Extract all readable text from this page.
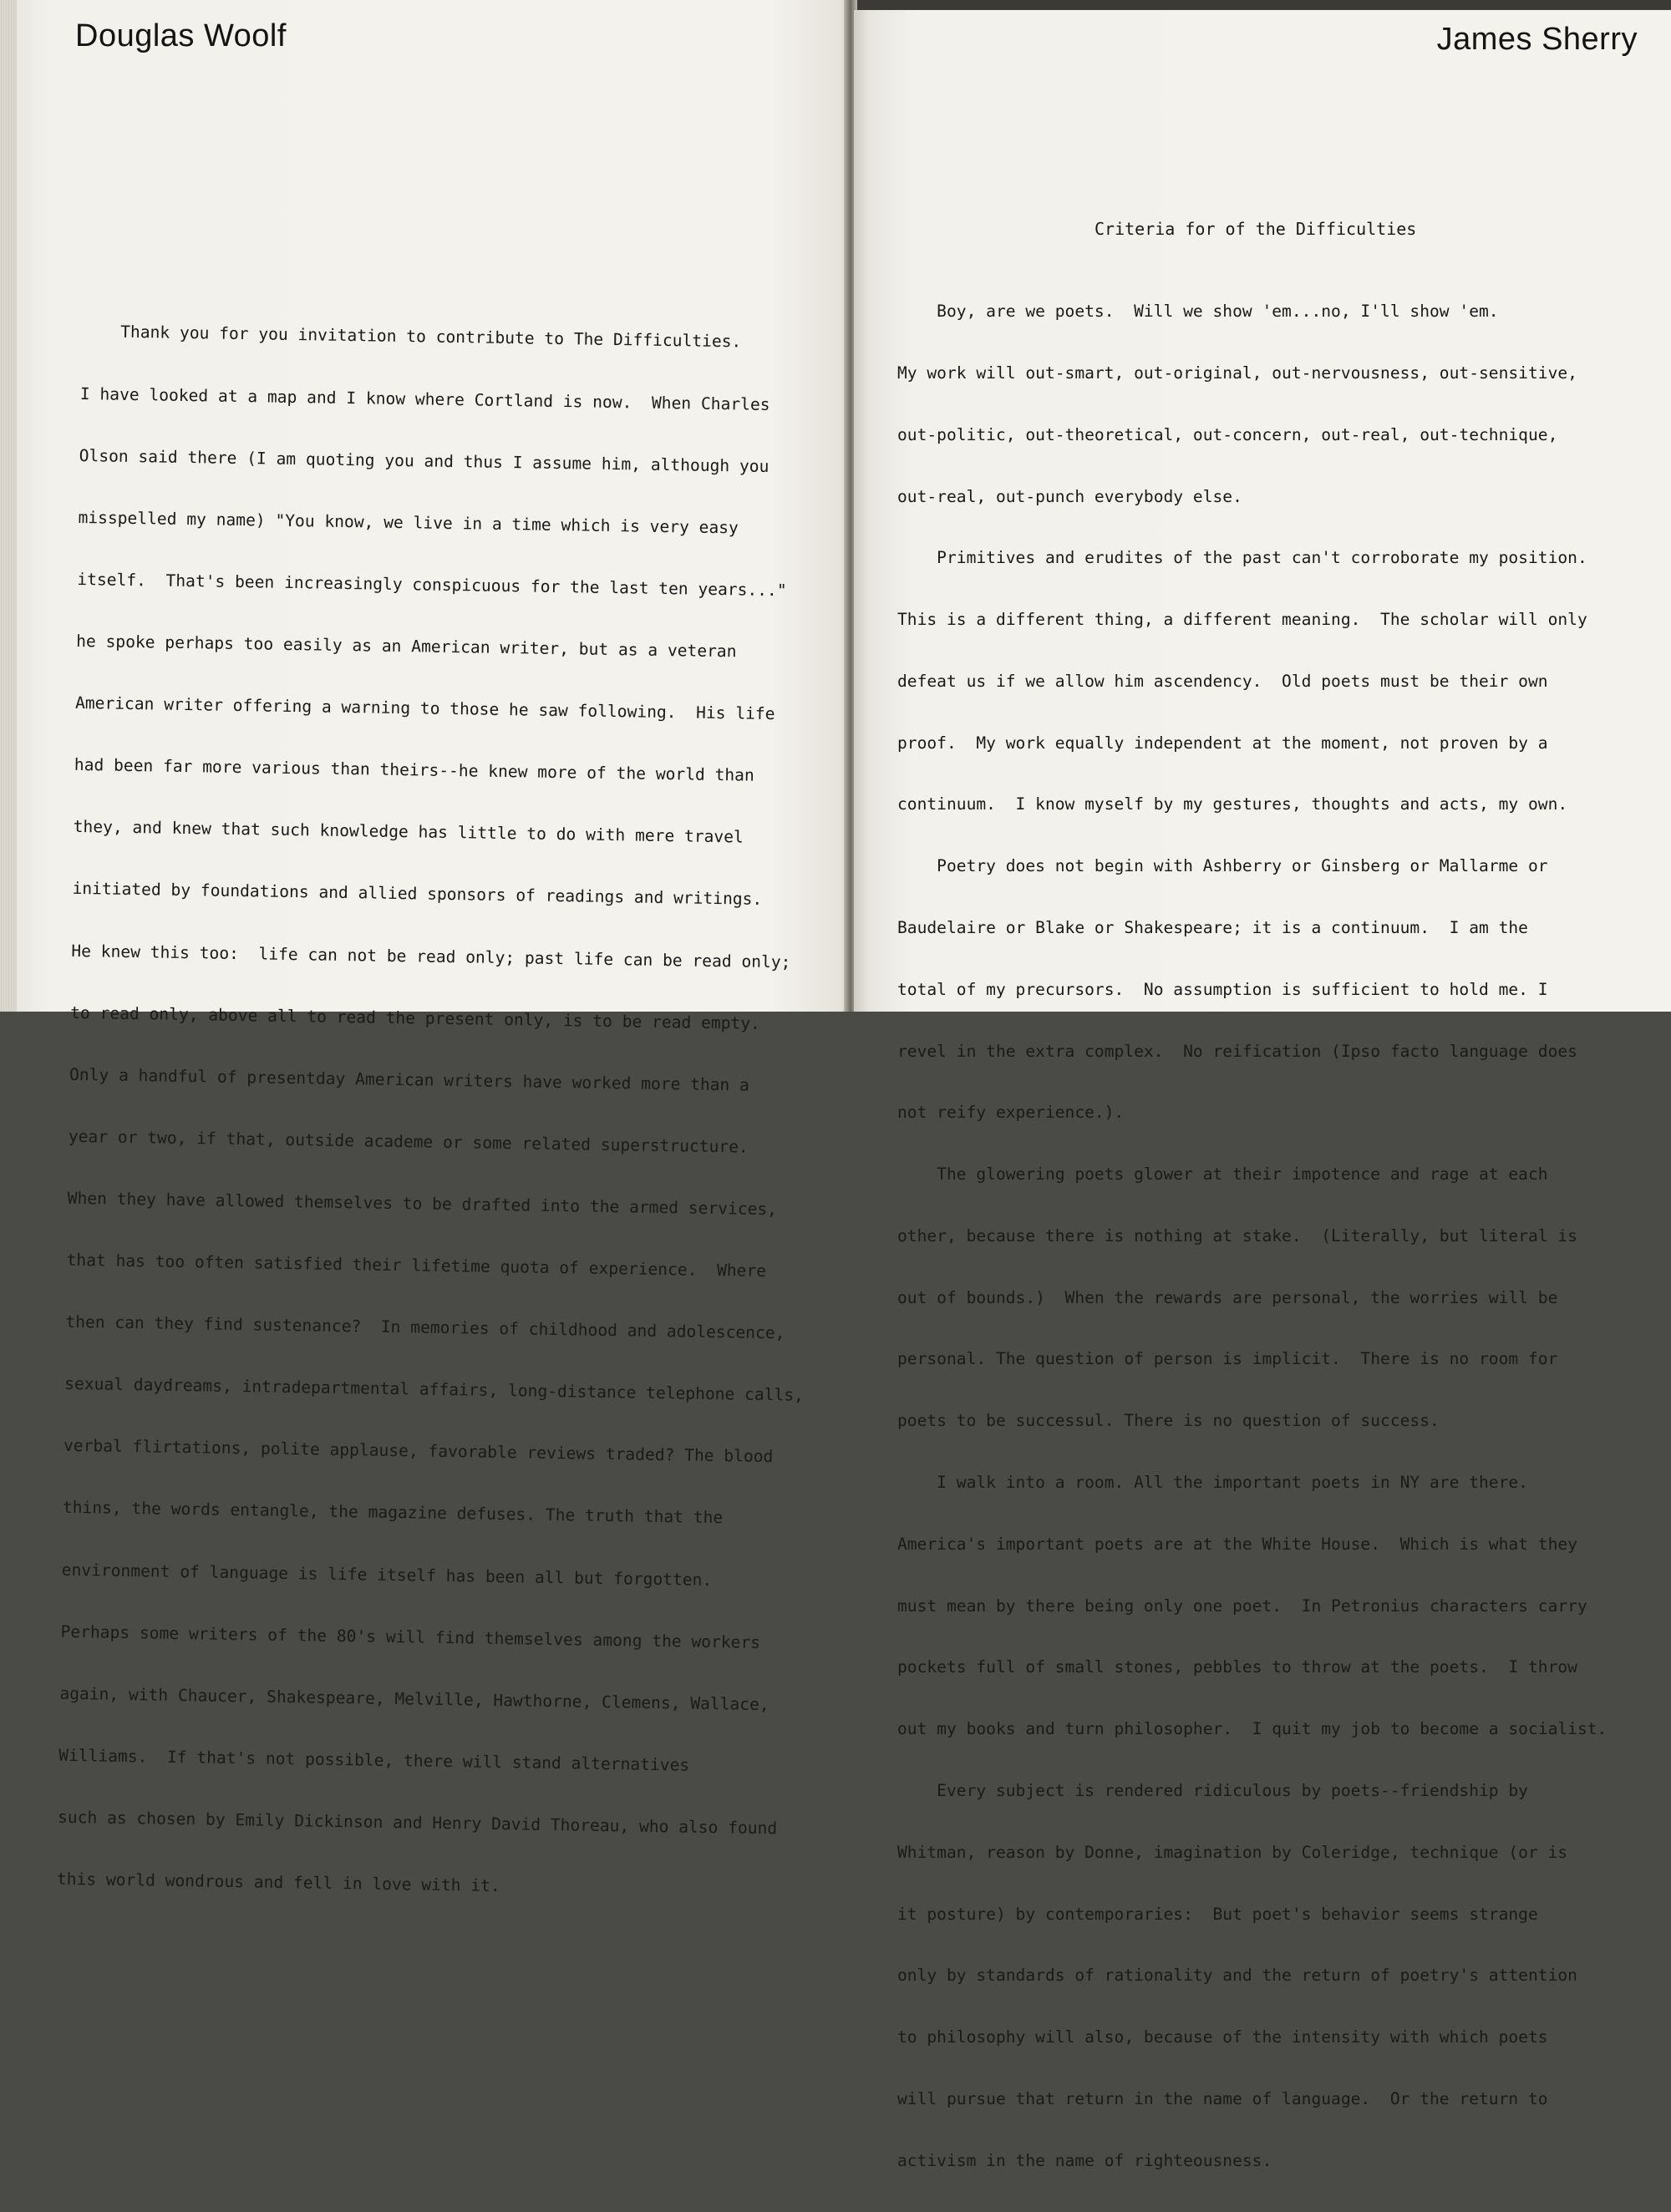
Douglas Woolf

Thank you for you invitation to contribute to The Difficulties.

I have looked at a map and I know where Cortland is now.  When Charles

Olson said there (I am quoting you and thus I assume him, although you

misspelled my name) "You know, we live in a time which is very easy

itself.  That's been increasingly conspicuous for the last ten years..."

he spoke perhaps too easily as an American writer, but as a veteran

American writer offering a warning to those he saw following.  His life

had been far more various than theirs--he knew more of the world than

they, and knew that such knowledge has little to do with mere travel

initiated by foundations and allied sponsors of readings and writings.

He knew this too:  life can not be read only; past life can be read only;

to read only, above all to read the present only, is to be read empty.

Only a handful of presentday American writers have worked more than a

year or two, if that, outside academe or some related superstructure.

When they have allowed themselves to be drafted into the armed services,

that has too often satisfied their lifetime quota of experience.  Where

then can they find sustenance?  In memories of childhood and adolescence,

sexual daydreams, intradepartmental affairs, long-distance telephone calls,

verbal flirtations, polite applause, favorable reviews traded? The blood

thins, the words entangle, the magazine defuses. The truth that the

environment of language is life itself has been all but forgotten.

Perhaps some writers of the 80's will find themselves among the workers

again, with Chaucer, Shakespeare, Melville, Hawthorne, Clemens, Wallace,

Williams.  If that's not possible, there will stand alternatives

such as chosen by Emily Dickinson and Henry David Thoreau, who also found

this world wondrous and fell in love with it.

James Sherry
Criteria for of the Difficulties

Boy, are we poets.  Will we show 'em...no, I'll show 'em.

My work will out-smart, out-original, out-nervousness, out-sensitive,

out-politic, out-theoretical, out-concern, out-real, out-technique,

out-real, out-punch everybody else.

Primitives and erudites of the past can't corroborate my position.

This is a different thing, a different meaning.  The scholar will only

defeat us if we allow him ascendency.  Old poets must be their own

proof.  My work equally independent at the moment, not proven by a

continuum.  I know myself by my gestures, thoughts and acts, my own.

Poetry does not begin with Ashberry or Ginsberg or Mallarme or

Baudelaire or Blake or Shakespeare; it is a continuum.  I am the

total of my precursors.  No assumption is sufficient to hold me. I

revel in the extra complex.  No reification (Ipso facto language does

not reify experience.).

The glowering poets glower at their impotence and rage at each

other, because there is nothing at stake.  (Literally, but literal is

out of bounds.)  When the rewards are personal, the worries will be

personal. The question of person is implicit.  There is no room for

poets to be successul. There is no question of success.

I walk into a room. All the important poets in NY are there.

America's important poets are at the White House.  Which is what they

must mean by there being only one poet.  In Petronius characters carry

pockets full of small stones, pebbles to throw at the poets.  I throw

out my books and turn philosopher.  I quit my job to become a socialist.

Every subject is rendered ridiculous by poets--friendship by

Whitman, reason by Donne, imagination by Coleridge, technique (or is

it posture) by contemporaries:  But poet's behavior seems strange

only by standards of rationality and the return of poetry's attention

to philosophy will also, because of the intensity with which poets

will pursue that return in the name of language.  Or the return to

activism in the name of righteousness.
